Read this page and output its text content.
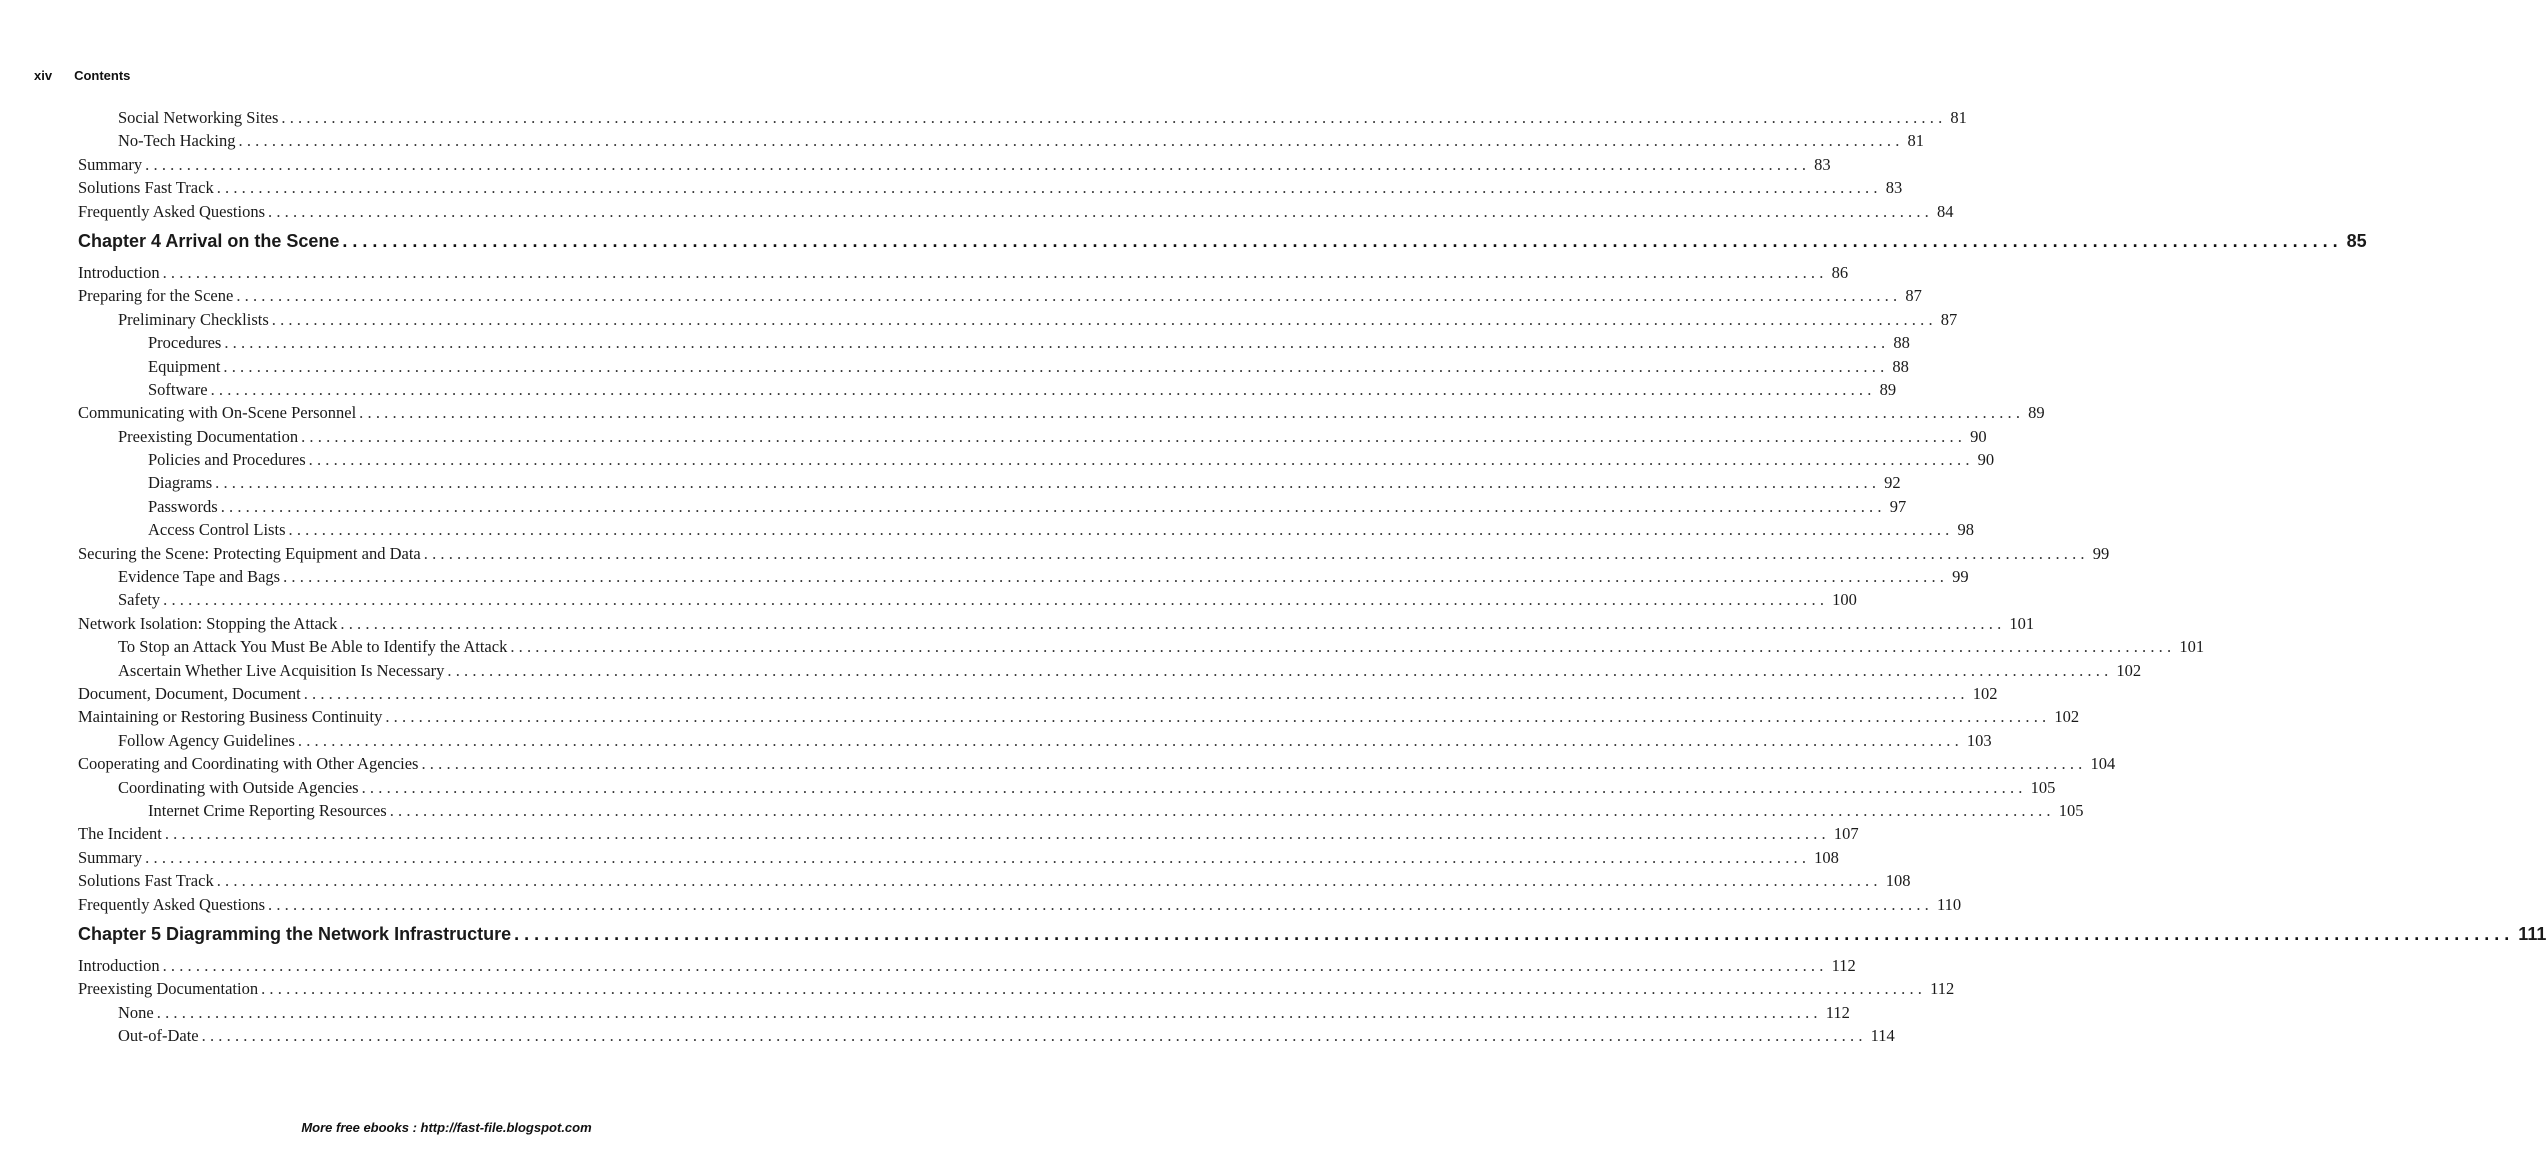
xiv Contents
Social Networking Sites ........................................................................................................................................................................................................ 81
No-Tech Hacking ........................................................................................................................................................................................................ 81
Summary ........................................................................................................................................................................................................ 83
Solutions Fast Track ........................................................................................................................................................................................................ 83
Frequently Asked Questions ........................................................................................................................................................................................................ 84
Chapter 4 Arrival on the Scene ........................................................................................................................................................................................................ 85
Introduction ........................................................................................................................................................................................................ 86
Preparing for the Scene ........................................................................................................................................................................................................ 87
Preliminary Checklists ........................................................................................................................................................................................................ 87
Procedures ........................................................................................................................................................................................................ 88
Equipment ........................................................................................................................................................................................................ 88
Software ........................................................................................................................................................................................................ 89
Communicating with On-Scene Personnel ........................................................................................................................................................................................................ 89
Preexisting Documentation ........................................................................................................................................................................................................ 90
Policies and Procedures ........................................................................................................................................................................................................ 90
Diagrams ........................................................................................................................................................................................................ 92
Passwords ........................................................................................................................................................................................................ 97
Access Control Lists ........................................................................................................................................................................................................ 98
Securing the Scene: Protecting Equipment and Data ........................................................................................................................................................................................................ 99
Evidence Tape and Bags ........................................................................................................................................................................................................ 99
Safety ........................................................................................................................................................................................................ 100
Network Isolation: Stopping the Attack ........................................................................................................................................................................................................ 101
To Stop an Attack You Must Be Able to Identify the Attack ........................................................................................................................................................................................................ 101
Ascertain Whether Live Acquisition Is Necessary ........................................................................................................................................................................................................ 102
Document, Document, Document ........................................................................................................................................................................................................ 102
Maintaining or Restoring Business Continuity ........................................................................................................................................................................................................ 102
Follow Agency Guidelines ........................................................................................................................................................................................................ 103
Cooperating and Coordinating with Other Agencies ........................................................................................................................................................................................................ 104
Coordinating with Outside Agencies ........................................................................................................................................................................................................ 105
Internet Crime Reporting Resources ........................................................................................................................................................................................................ 105
The Incident ........................................................................................................................................................................................................ 107
Summary ........................................................................................................................................................................................................ 108
Solutions Fast Track ........................................................................................................................................................................................................ 108
Frequently Asked Questions ........................................................................................................................................................................................................ 110
Chapter 5 Diagramming the Network Infrastructure ........................................................................................................................................................................................................ 111
Introduction ........................................................................................................................................................................................................ 112
Preexisting Documentation ........................................................................................................................................................................................................ 112
None ........................................................................................................................................................................................................ 112
Out-of-Date ........................................................................................................................................................................................................ 114
More free ebooks : http://fast-file.blogspot.com
